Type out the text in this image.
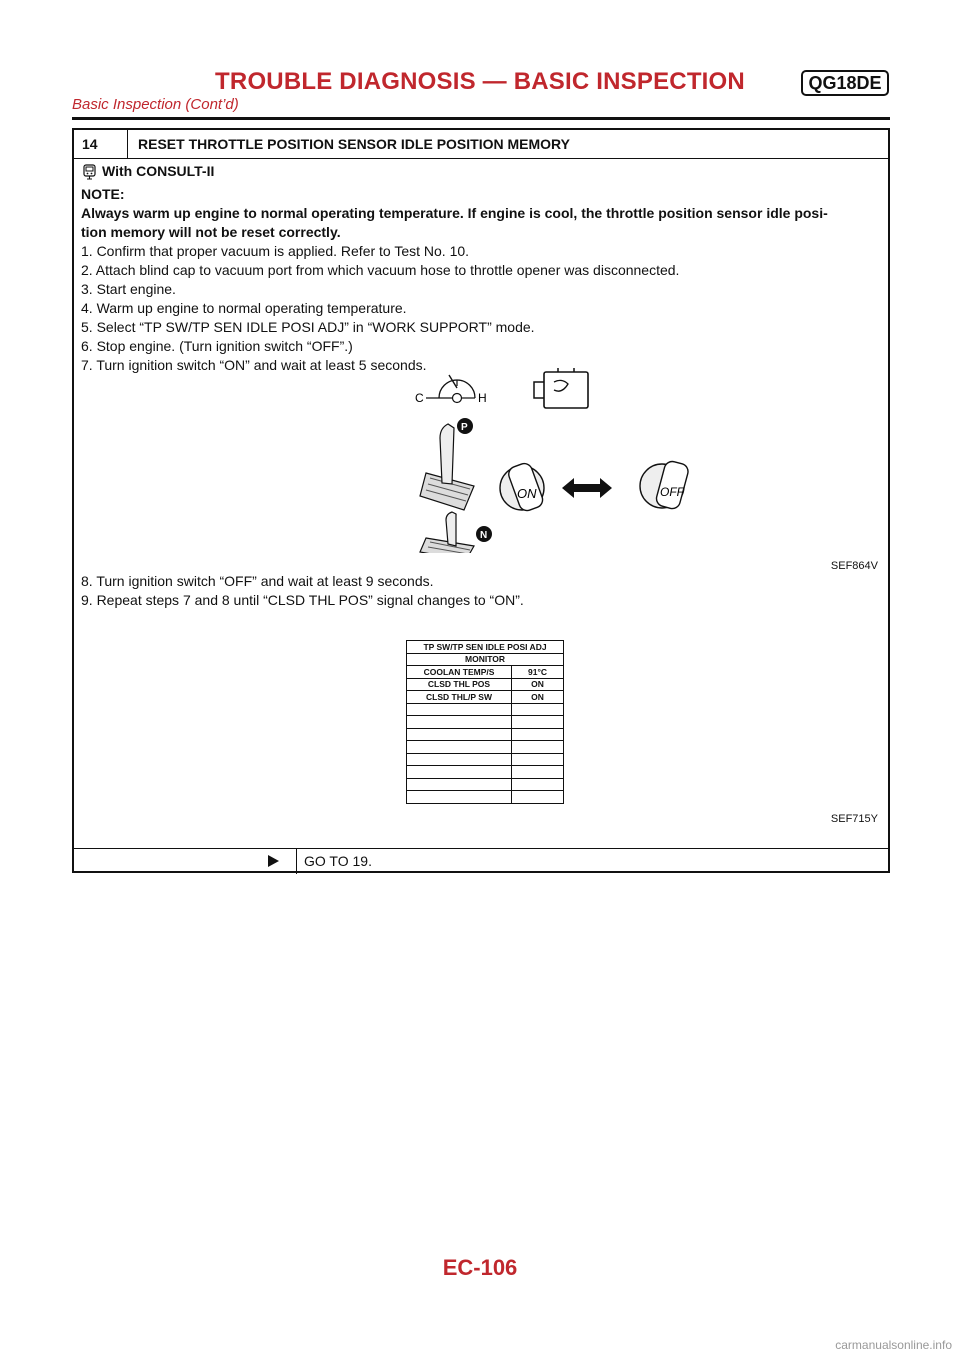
TROUBLE DIAGNOSIS — BASIC INSPECTION	QG18DE
Basic Inspection (Cont’d)
14	RESET THROTTLE POSITION SENSOR IDLE POSITION MEMORY

With CONSULT-II

NOTE:

Always warm up engine to normal operating temperature. If engine is cool, the throttle position sensor idle posi-

tion memory will not be reset correctly.

1. Confirm that proper vacuum is applied. Refer to Test No. 10.

2. Attach blind cap to vacuum port from which vacuum hose to throttle opener was disconnected.

3. Start engine.

4. Warm up engine to normal operating temperature.

5. Select “TP SW/TP SEN IDLE POSI ADJ” in “WORK SUPPORT” mode.

6. Stop engine. (Turn ignition switch “OFF”.)

7. Turn ignition switch “ON” and wait at least 5 seconds.

C	H
P
N
ON	OFF
SEF864V

8. Turn ignition switch “OFF” and wait at least 9 seconds.

9. Repeat steps 7 and 8 until “CLSD THL POS” signal changes to “ON”.

TP SW/TP SEN IDLE POSI ADJ	
MONITOR	
COOLAN TEMP/S	91°C
CLSD THL POS	ON
CLSD THL/P SW	ON

SEF715Y
GO TO 19.
EC-106
carmanualsonline.info
